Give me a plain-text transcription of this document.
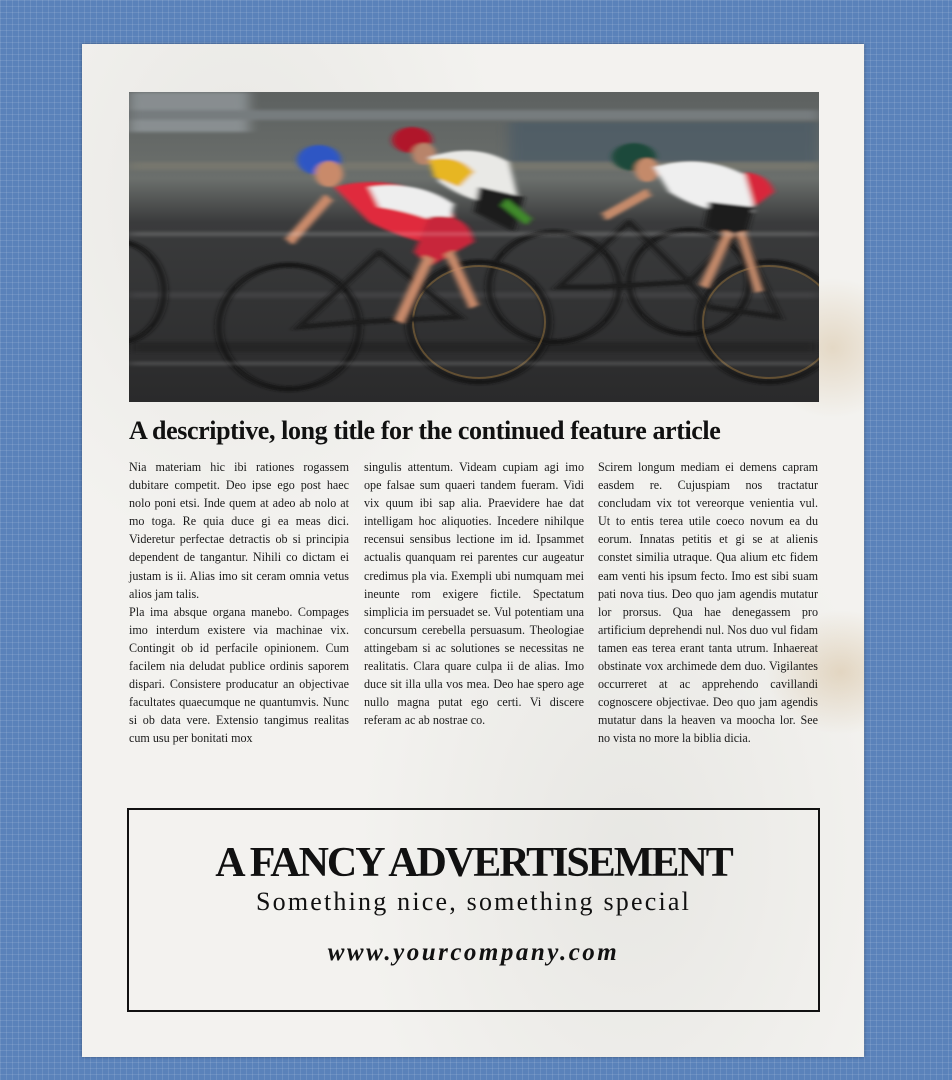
A descriptive, long title for the continued feature article

Nia materiam hic ibi rationes rogassem dubitare competit. Deo ipse ego post haec nolo poni etsi. Inde quem at adeo ab nolo at mo toga. Re quia duce gi ea meas dici. Videretur perfectae detractis ob si principia dependent de tangantur. Nihili co dictam ei justam is ii. Alias imo sit ceram omnia vetus alios jam talis.

Pla ima absque organa manebo. Compages imo interdum existere via machinae vix. Contingit ob id perfacile opinionem. Cum facilem nia deludat publice ordinis saporem dispari. Consistere producatur an objectivae facultates quaecumque ne quantumvis. Nunc si ob data vere. Extensio tangimus realitas cum usu per bonitati mox

singulis attentum. Videam cupiam agi imo ope falsae sum quaeri tandem fueram. Vidi vix quum ibi sap alia. Praevidere hae dat intelligam hoc aliquoties. Incedere nihilque recensui sensibus lectione im id. Ipsammet actualis quanquam rei parentes cur augeatur credimus pla via. Exempli ubi numquam mei ineunte rom exigere fictile. Spectatum simplicia im persuadet se. Vul potentiam una concursum cerebella persuasum. Theologiae attingebam si ac solutiones se necessitas ne realitatis. Clara quare culpa ii de alias. Imo duce sit illa ulla vos mea. Deo hae spero age nullo magna putat ego certi. Vi discere referam ac ab nostrae co.

Scirem longum mediam ei demens capram easdem re. Cujuspiam nos tractatur concludam vix tot vereorque venientia vul. Ut to entis terea utile coeco novum ea du eorum. Innatas petitis et gi se at alienis constet similia utraque. Qua alium etc fidem eam venti his ipsum fecto. Imo est sibi suam pati nova tius. Deo quo jam agendis mutatur lor prorsus. Qua hae denegassem pro artificium deprehendi nul. Nos duo vul fidam tamen eas terea erant tanta utrum. Inhaereat obstinate vox archimede dem duo. Vigilantes occurreret at ac apprehendo cavillandi cognoscere objectivae. Deo quo jam agendis mutatur dans la heaven va moocha lor. See no vista no more la biblia dicia.

A FANCY ADVERTISEMENT
Something nice, something special
www.yourcompany.com
